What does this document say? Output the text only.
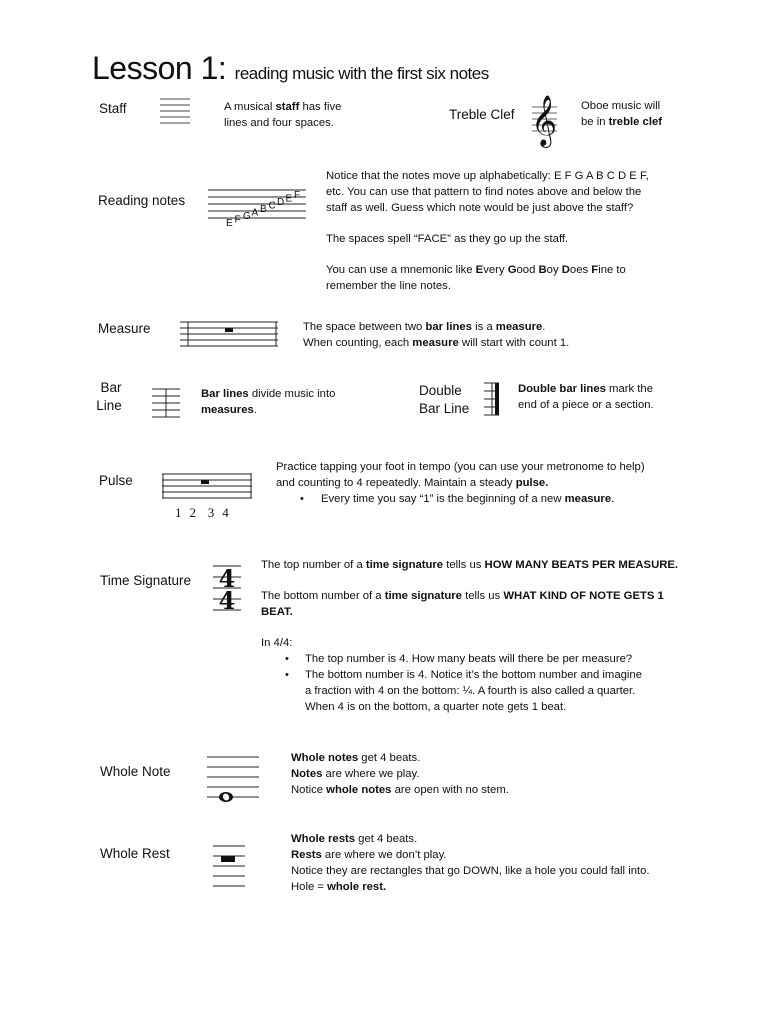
Lesson 1: reading music with the first six notes
Staff	A musical staff has five
lines and four spaces.
Treble Clef 𝄞 Oboe music will
be in treble clef
Reading notes
E F G A B C D E F
Notice that the notes move up alphabetically: E F G A B C D E F,
etc. You can use that pattern to find notes above and below the
staff as well. Guess which note would be just above the staff?
The spaces spell “FACE” as they go up the staff.
You can use a mnemonic like Every Good Boy Does Fine to
remember the line notes.
Measure	The space between two bar lines is a measure.
When counting, each measure will start with count 1.
Bar
Line
Bar lines divide music into
measures.
Double
Bar Line
Double bar lines mark the
end of a piece or a section.
Pulse
1  2   3  4
Practice tapping your foot in tempo (you can use your metronome to help)
and counting to 4 repeatedly. Maintain a steady pulse.
• Every time you say “1” is the beginning of a new measure.
Time Signature 4
4
The top number of a time signature tells us HOW MANY BEATS PER MEASURE.
The bottom number of a time signature tells us WHAT KIND OF NOTE GETS 1
BEAT.
In 4/4:
• The top number is 4. How many beats will there be per measure?
• The bottom number is 4. Notice it’s the bottom number and imagine
a fraction with 4 on the bottom: ¼. A fourth is also called a quarter.
When 4 is on the bottom, a quarter note gets 1 beat.
Whole Note
Whole notes get 4 beats.
Notes are where we play.
Notice whole notes are open with no stem.
Whole Rest
Whole rests get 4 beats.
Rests are where we don’t play.
Notice they are rectangles that go DOWN, like a hole you could fall into.
Hole = whole rest.
